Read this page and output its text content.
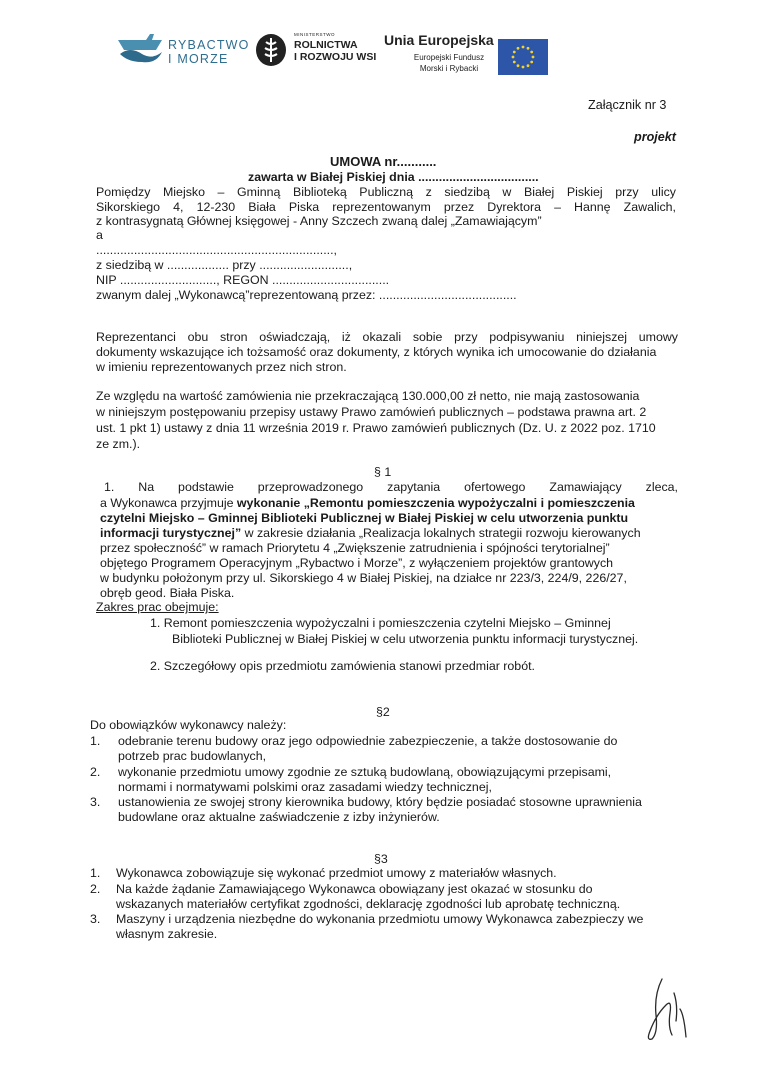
RYBACTWO I MORZE
MINISTERSTWO
ROLNICTWA
I ROZWOJU WSI
Unia Europejska
Europejski Fundusz
Morski i Rybacki
Załącznik nr 3
projekt
UMOWA nr...........
zawarta w Białej Piskiej dnia ...................................
Pomiędzy Miejsko – Gminną Biblioteką Publiczną z siedzibą w Białej Piskiej przy ulicy
Sikorskiego 4, 12-230 Biała Piska reprezentowanym przez Dyrektora – Hannę Zawalich,
z kontrasygnatą Głównej księgowej - Anny Szczech zwaną dalej „Zamawiającym”
a
.....................................................................,
z siedzibą w .................. przy ..........................,
NIP ............................, REGON ..................................
zwanym dalej „Wykonawcą”reprezentowaną przez: ........................................
Reprezentanci obu stron oświadczają, iż okazali sobie przy podpisywaniu niniejszej umowy
dokumenty wskazujące ich tożsamość oraz dokumenty, z których wynika ich umocowanie do działania
w imieniu reprezentowanych przez nich stron.
Ze względu na wartość zamówienia nie przekraczającą 130.000,00 zł netto, nie mają zastosowania
w niniejszym postępowaniu przepisy ustawy Prawo zamówień publicznych – podstawa prawna art. 2
ust. 1 pkt 1) ustawy z dnia 11 września 2019 r. Prawo zamówień publicznych (Dz. U. z 2022 poz. 1710
ze zm.).
§ 1
1. Na podstawie przeprowadzonego zapytania ofertowego Zamawiający zleca,
a Wykonawca przyjmuje wykonanie „Remontu pomieszczenia wypożyczalni i pomieszczenia
czytelni Miejsko – Gminnej Biblioteki Publicznej w Białej Piskiej w celu utworzenia punktu
informacji turystycznej” w zakresie działania „Realizacja lokalnych strategii rozwoju kierowanych
przez społeczność” w ramach Priorytetu 4 „Zwiększenie zatrudnienia i spójności terytorialnej”
objętego Programem Operacyjnym „Rybactwo i Morze”, z wyłączeniem projektów grantowych
w budynku położonym przy ul. Sikorskiego 4 w Białej Piskiej, na działce nr 223/3, 224/9, 226/27,
obręb geod. Biała Piska.
Zakres prac obejmuje:
1. Remont pomieszczenia wypożyczalni i pomieszczenia czytelni Miejsko – Gminnej
Biblioteki Publicznej w Białej Piskiej w celu utworzenia punktu informacji turystycznej.
2. Szczegółowy opis przedmiotu zamówienia stanowi przedmiar robót.
§2
Do obowiązków wykonawcy należy:
1. odebranie terenu budowy oraz jego odpowiednie zabezpieczenie, a także dostosowanie do
potrzeb prac budowlanych,
2. wykonanie przedmiotu umowy zgodnie ze sztuką budowlaną, obowiązującymi przepisami,
normami i normatywami polskimi oraz zasadami wiedzy technicznej,
3. ustanowienia ze swojej strony kierownika budowy, który będzie posiadać stosowne uprawnienia
budowlane oraz aktualne zaświadczenie z izby inżynierów.
§3
1. Wykonawca zobowiązuje się wykonać przedmiot umowy z materiałów własnych.
2. Na każde żądanie Zamawiającego Wykonawca obowiązany jest okazać w stosunku do
wskazanych materiałów certyfikat zgodności, deklarację zgodności lub aprobatę techniczną.
3. Maszyny i urządzenia niezbędne do wykonania przedmiotu umowy Wykonawca zabezpieczy we
własnym zakresie.
